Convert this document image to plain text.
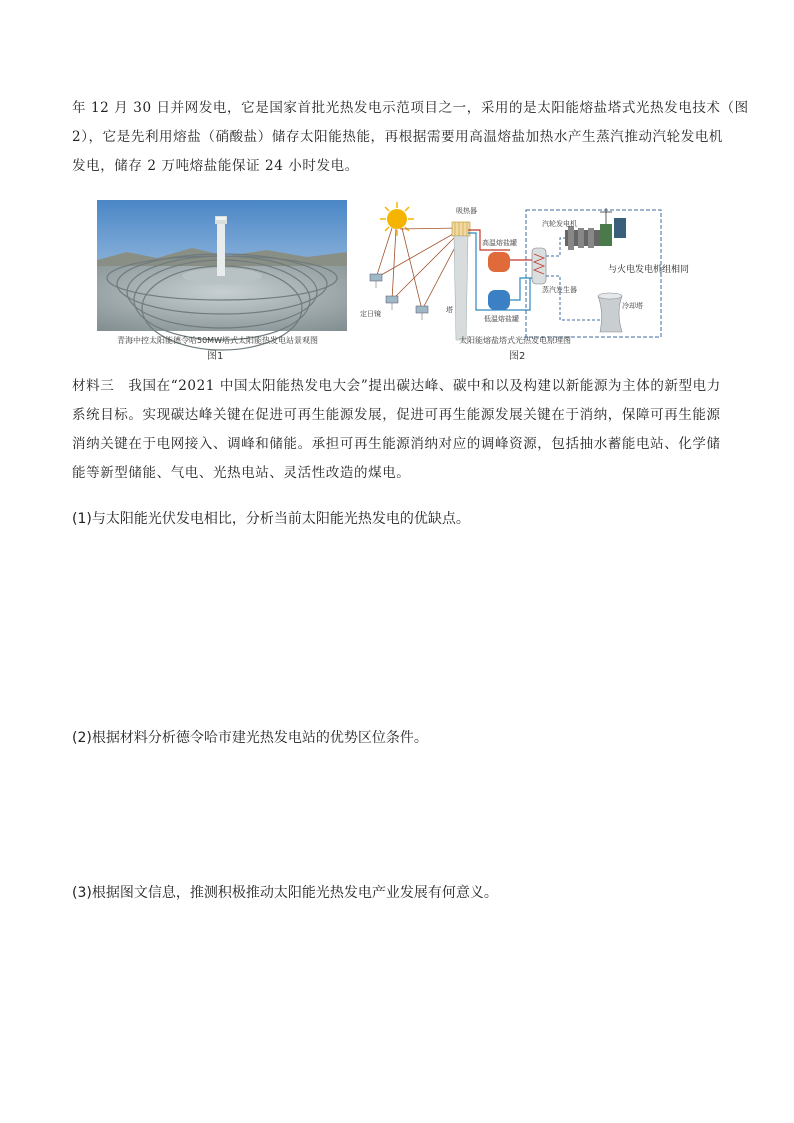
年 12 月 30 日并网发电，它是国家首批光热发电示范项目之一，采用的是太阳能熔盐塔式光热发电技术（图
2），它是先利用熔盐（硝酸盐）储存太阳能热能，再根据需要用高温熔盐加热水产生蒸汽推动汽轮发电机
发电，储存 2 万吨熔盐能保证 24 小时发电。
青海中控太阳能德令哈50MW塔式太阳能热发电站景观图
图1
吸热器
高温熔盐罐
汽轮发电机
与火电发电机组相同
蒸汽发生器
低温熔盐罐
冷却塔
塔
定日镜
太阳能熔盐塔式光热发电原理图
图2
材料三　我国在“2021 中国太阳能热发电大会”提出碳达峰、碳中和以及构建以新能源为主体的新型电力
系统目标。实现碳达峰关键在促进可再生能源发展，促进可再生能源发展关键在于消纳，保障可再生能源
消纳关键在于电网接入、调峰和储能。承担可再生能源消纳对应的调峰资源，包括抽水蓄能电站、化学储
能等新型储能、气电、光热电站、灵活性改造的煤电。
(1)与太阳能光伏发电相比，分析当前太阳能光热发电的优缺点。
(2)根据材料分析德令哈市建光热发电站的优势区位条件。
(3)根据图文信息，推测积极推动太阳能光热发电产业发展有何意义。
